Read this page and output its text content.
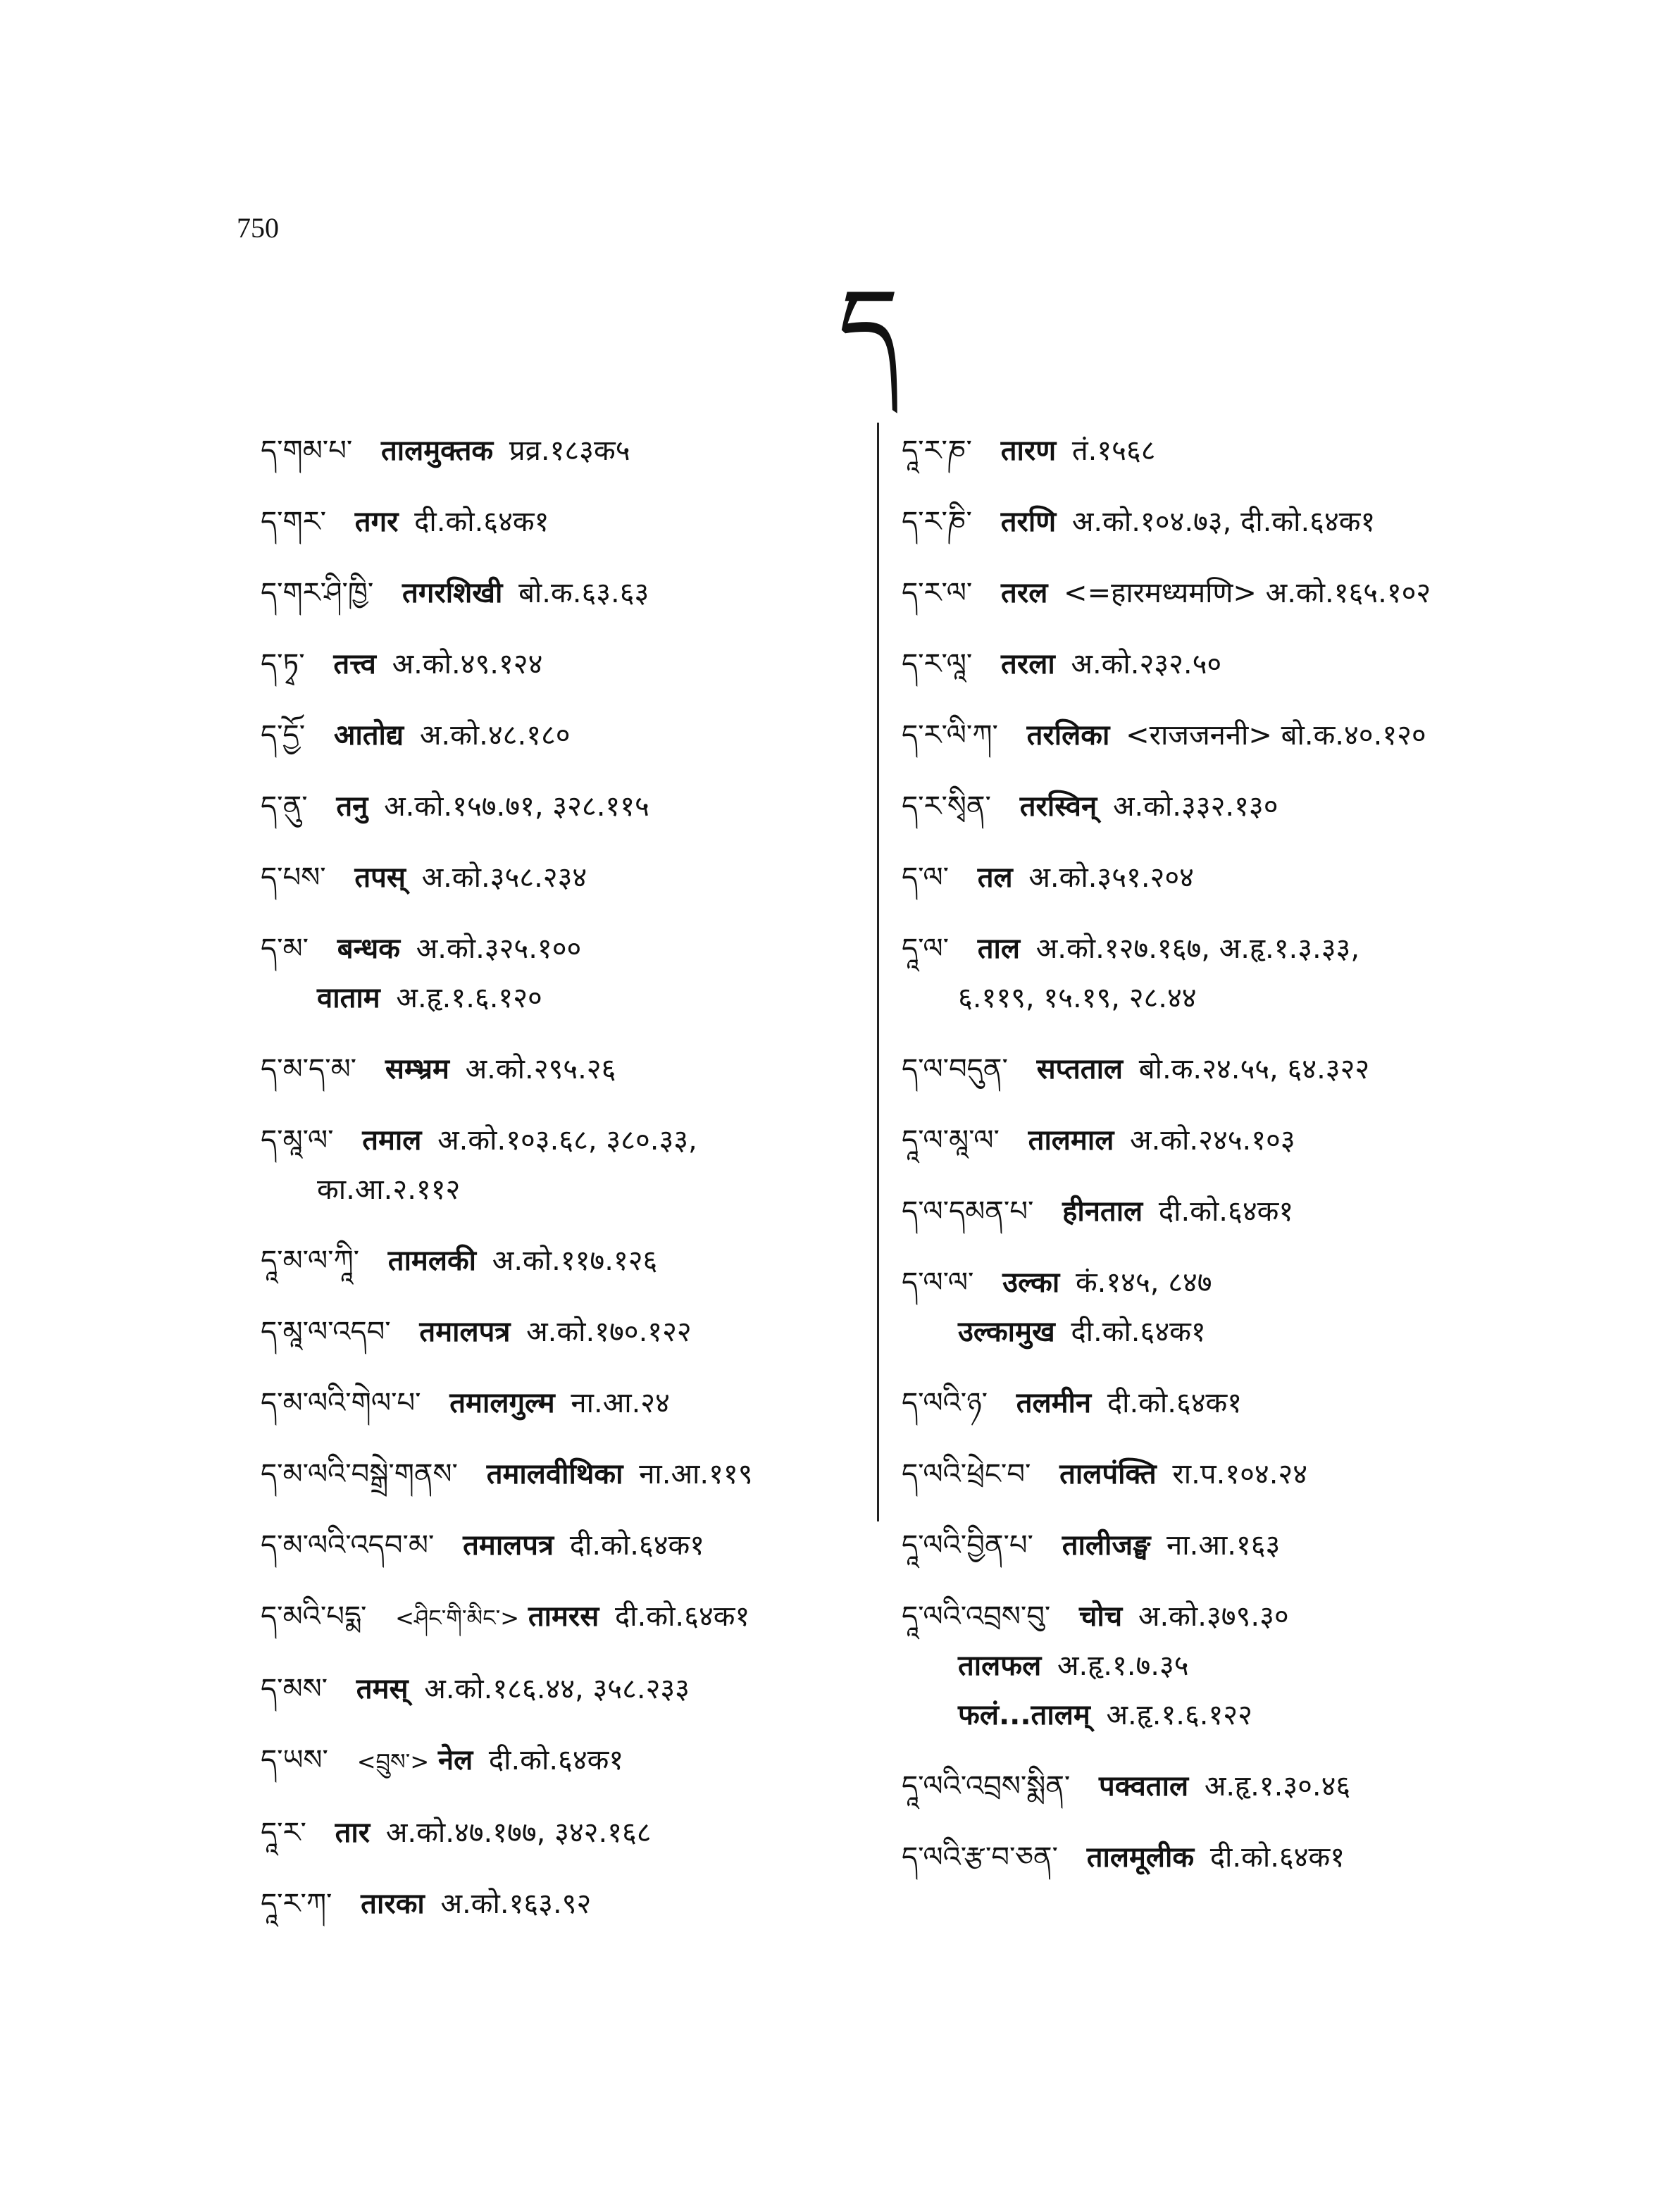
750
ད
ད་གམ་པ་ तालमुक्तक प्रव्र.१८३क५
ད་གར་ तगर दी.को.६४क१
ད་གར་ཤི་ཁྱི་ तगरशिखी बो.क.६३.६३
ད་ཏྭ་ तत्त्व अ.को.४९.१२४
ད་དྱོ་ आतोद्य अ.को.४८.१८०
ད་ནུ་ तनु अ.को.१५७.७१, ३२८.११५
ད་པས་ तपस् अ.को.३५८.२३४
ད་མ་ बन्धक अ.को.३२५.१००
वाताम अ.हृ.१.६.१२०
ད་མ་ད་མ་ सम्भ्रम अ.को.२९५.२६
ད་མཱ་ལ་ तमाल अ.को.१०३.६८, ३८०.३३,
का.आ.२.११२
དཱ་མ་ལ་ཀཱི་ तामलकी अ.को.११७.१२६
ད་མཱ་ལ་འདབ་ तमालपत्र अ.को.१७०.१२२
ད་མ་ལའི་གེལ་པ་ तमालगुल्म ना.आ.२४
ད་མ་ལའི་བསྒྲེ་གནས་ तमालवीथिका ना.आ.११९
ད་མ་ལའི་འདབ་མ་ तमालपत्र दी.को.६४क१
ད་མའི་པདྨ་ <ཤིང་གི་མིང་> तामरस दी.को.६४क१
ད་མས་ तमस् अ.को.१८६.४४, ३५८.२३३
ད་ཡས་ <བྲུས་> नेल दी.को.६४क१
དཱ་ར་ तार अ.को.४७.१७७, ३४२.१६८
དཱ་ར་ཀ་ तारका अ.को.१६३.९२
དཱ་ར་ཎ་ तारण तं.१५६८
ད་ར་ཎི་ तरणि अ.को.१०४.७३, दी.को.६४क१
ད་ར་ལ་ तरल <=हारमध्यमणि> अ.को.१६५.१०२
ད་ར་ལཱ་ तरला अ.को.२३२.५०
ད་ར་ལི་ཀ་ तरलिका <राजजननी> बो.क.४०.१२०
ད་ར་སྭིན་ तरस्विन् अ.को.३३२.१३०
ད་ལ་ तल अ.को.३५१.२०४
དཱ་ལ་ ताल अ.को.१२७.१६७, अ.हृ.१.३.३३,
६.११९, १५.१९, २८.४४
ད་ལ་བདུན་ सप्तताल बो.क.२४.५५, ६४.३२२
དཱ་ལ་མཱ་ལ་ तालमाल अ.को.२४५.१०३
ད་ལ་དམན་པ་ हीनताल दी.को.६४क१
ད་ལ་ལ་ उल्का कं.१४५, ८४७
उल्कामुख दी.को.६४क१
ད་ལའི་ཉ་ तलमीन दी.को.६४क१
ད་ལའི་ཕྲེང་བ་ तालपंक्ति रा.प.१०४.२४
དཱ་ལའི་བྱིན་པ་ तालीजङ्घ ना.आ.१६३
དཱ་ལའི་འབྲས་བུ་ चोच अ.को.३७९.३०
तालफल अ.हृ.१.७.३५
फलं...तालम् अ.हृ.१.६.१२२
དཱ་ལའི་འབྲས་སྨིན་ पक्वताल अ.हृ.१.३०.४६
ད་ལའི་རྩ་བ་ཅན་ तालमूलीक दी.को.६४क१
